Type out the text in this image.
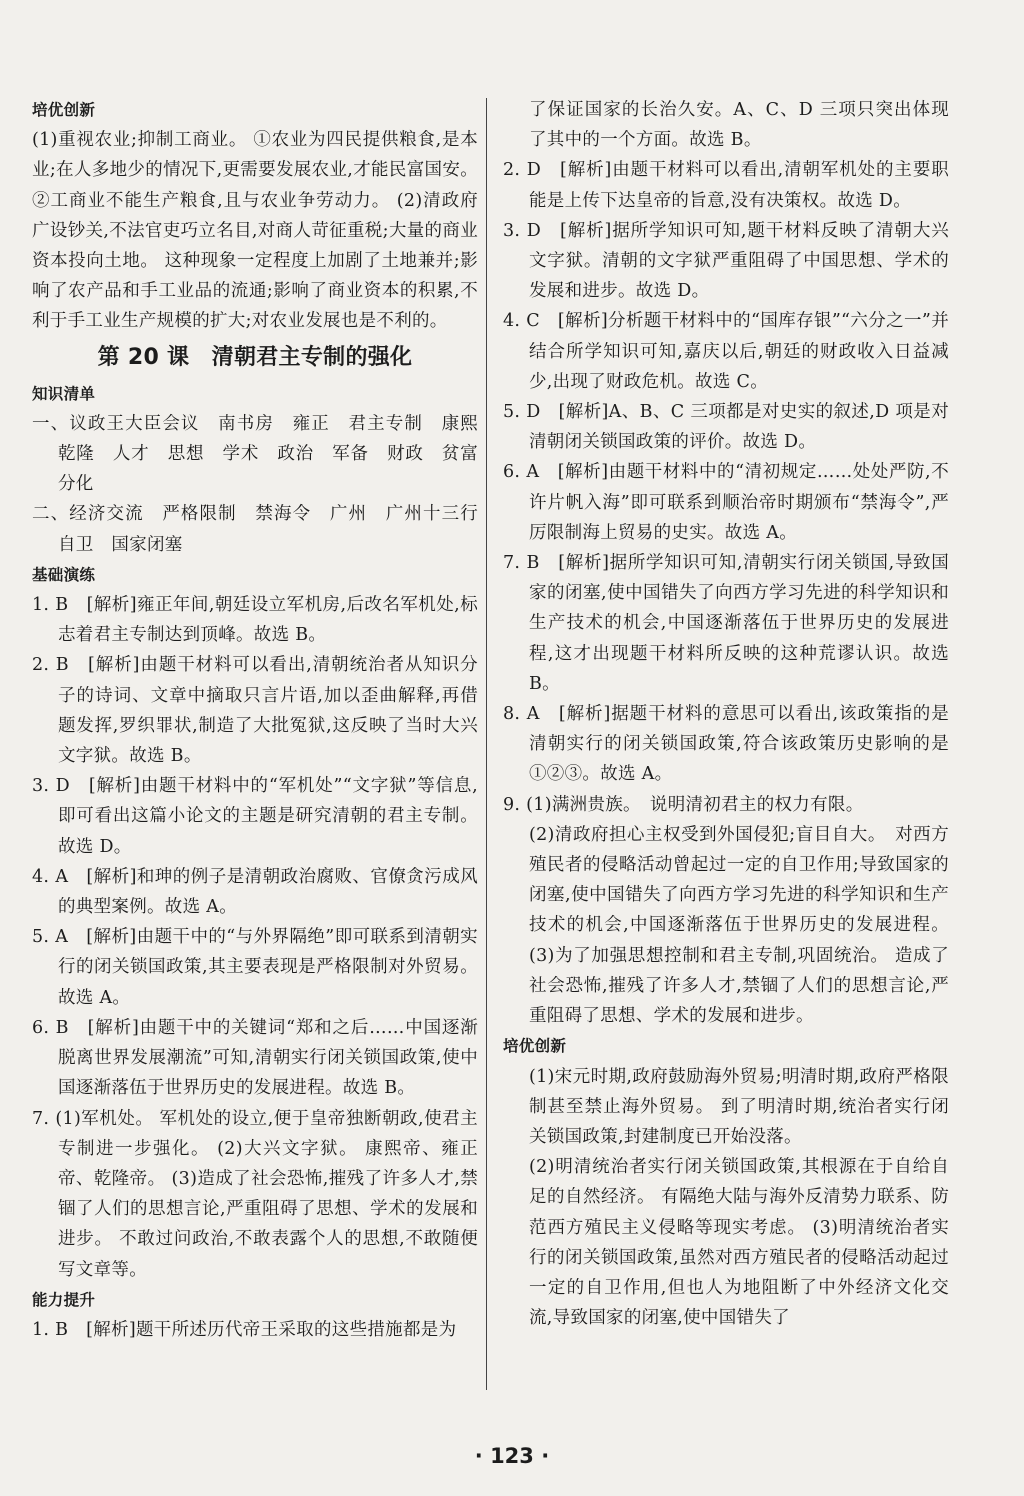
培优创新
(1)重视农业;抑制工商业。 ①农业为四民提供粮食,是本业;在人多地少的情况下,更需要发展农业,才能民富国安。②工商业不能生产粮食,且与农业争劳动力。 (2)清政府广设钞关,不法官吏巧立名目,对商人苛征重税;大量的商业资本投向土地。 这种现象一定程度上加剧了土地兼并;影响了农产品和手工业品的流通;影响了商业资本的积累,不利于手工业生产规模的扩大;对农业发展也是不利的。
第 20 课　清朝君主专制的强化
知识清单
一、议政王大臣会议　南书房　雍正　君主专制　康熙　乾隆　人才　思想　学术　政治　军备　财政　贫富分化
二、经济交流　严格限制　禁海令　广州　广州十三行　自卫　国家闭塞
基础演练
1. B　[解析]雍正年间,朝廷设立军机房,后改名军机处,标志着君主专制达到顶峰。故选 B。
2. B　[解析]由题干材料可以看出,清朝统治者从知识分子的诗词、文章中摘取只言片语,加以歪曲解释,再借题发挥,罗织罪状,制造了大批冤狱,这反映了当时大兴文字狱。故选 B。
3. D　[解析]由题干材料中的“军机处”“文字狱”等信息,即可看出这篇小论文的主题是研究清朝的君主专制。故选 D。
4. A　[解析]和珅的例子是清朝政治腐败、官僚贪污成风的典型案例。故选 A。
5. A　[解析]由题干中的“与外界隔绝”即可联系到清朝实行的闭关锁国政策,其主要表现是严格限制对外贸易。故选 A。
6. B　[解析]由题干中的关键词“郑和之后……中国逐渐脱离世界发展潮流”可知,清朝实行闭关锁国政策,使中国逐渐落伍于世界历史的发展进程。故选 B。
7. (1)军机处。 军机处的设立,便于皇帝独断朝政,使君主专制进一步强化。 (2)大兴文字狱。 康熙帝、雍正帝、乾隆帝。 (3)造成了社会恐怖,摧残了许多人才,禁锢了人们的思想言论,严重阻碍了思想、学术的发展和进步。 不敢过问政治,不敢表露个人的思想,不敢随便写文章等。
能力提升
1. B　[解析]题干所述历代帝王采取的这些措施都是为
了保证国家的长治久安。A、C、D 三项只突出体现了其中的一个方面。故选 B。
2. D　[解析]由题干材料可以看出,清朝军机处的主要职能是上传下达皇帝的旨意,没有决策权。故选 D。
3. D　[解析]据所学知识可知,题干材料反映了清朝大兴文字狱。清朝的文字狱严重阻碍了中国思想、学术的发展和进步。故选 D。
4. C　[解析]分析题干材料中的“国库存银”“六分之一”并结合所学知识可知,嘉庆以后,朝廷的财政收入日益减少,出现了财政危机。故选 C。
5. D　[解析]A、B、C 三项都是对史实的叙述,D 项是对清朝闭关锁国政策的评价。故选 D。
6. A　[解析]由题干材料中的“清初规定……处处严防,不许片帆入海”即可联系到顺治帝时期颁布“禁海令”,严厉限制海上贸易的史实。故选 A。
7. B　[解析]据所学知识可知,清朝实行闭关锁国,导致国家的闭塞,使中国错失了向西方学习先进的科学知识和生产技术的机会,中国逐渐落伍于世界历史的发展进程,这才出现题干材料所反映的这种荒谬认识。故选 B。
8. A　[解析]据题干材料的意思可以看出,该政策指的是清朝实行的闭关锁国政策,符合该政策历史影响的是①②③。故选 A。
9. (1)满洲贵族。　说明清初君主的权力有限。
(2)清政府担心主权受到外国侵犯;盲目自大。　对西方殖民者的侵略活动曾起过一定的自卫作用;导致国家的闭塞,使中国错失了向西方学习先进的科学知识和生产技术的机会,中国逐渐落伍于世界历史的发展进程。 (3)为了加强思想控制和君主专制,巩固统治。 造成了社会恐怖,摧残了许多人才,禁锢了人们的思想言论,严重阻碍了思想、学术的发展和进步。
培优创新
(1)宋元时期,政府鼓励海外贸易;明清时期,政府严格限制甚至禁止海外贸易。 到了明清时期,统治者实行闭关锁国政策,封建制度已开始没落。
(2)明清统治者实行闭关锁国政策,其根源在于自给自足的自然经济。 有隔绝大陆与海外反清势力联系、防范西方殖民主义侵略等现实考虑。 (3)明清统治者实行的闭关锁国政策,虽然对西方殖民者的侵略活动起过一定的自卫作用,但也人为地阻断了中外经济文化交流,导致国家的闭塞,使中国错失了
· 123 ·
